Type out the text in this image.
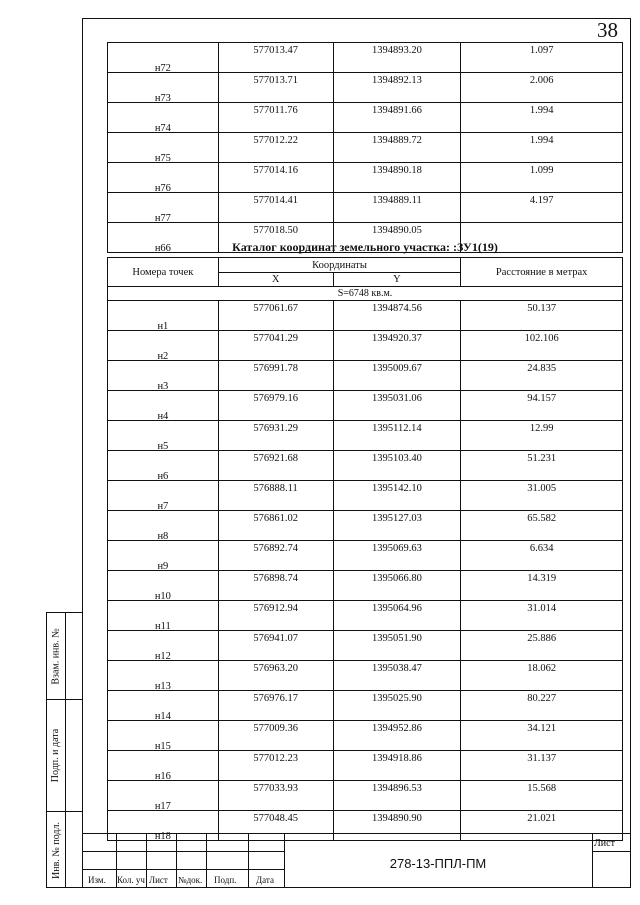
38
н72	577013.47	1394893.20	1.097
н73	577013.71	1394892.13	2.006
н74	577011.76	1394891.66	1.994
н75	577012.22	1394889.72	1.994
н76	577014.16	1394890.18	1.099
н77	577014.41	1394889.11	4.197
н66	577018.50	1394890.05	
Каталог координат земельного участка: :ЗУ1(19)
Номера точек	Координаты		Расстояние в метрах
	X	Y	
S=6748 кв.м.			
н1	577061.67	1394874.56	50.137
н2	577041.29	1394920.37	102.106
н3	576991.78	1395009.67	24.835
н4	576979.16	1395031.06	94.157
н5	576931.29	1395112.14	12.99
н6	576921.68	1395103.40	51.231
н7	576888.11	1395142.10	31.005
н8	576861.02	1395127.03	65.582
н9	576892.74	1395069.63	6.634
н10	576898.74	1395066.80	14.319
н11	576912.94	1395064.96	31.014
н12	576941.07	1395051.90	25.886
н13	576963.20	1395038.47	18.062
н14	576976.17	1395025.90	80.227
н15	577009.36	1394952.86	34.121
н16	577012.23	1394918.86	31.137
н17	577033.93	1394896.53	15.568
н18	577048.45	1394890.90	21.021
Взам. инв. №
Подп. и дата
Инв. № подл.
Изм. Кол. уч Лист №док. Подп. Дата
278-13-ППЛ-ПМ
Лист
